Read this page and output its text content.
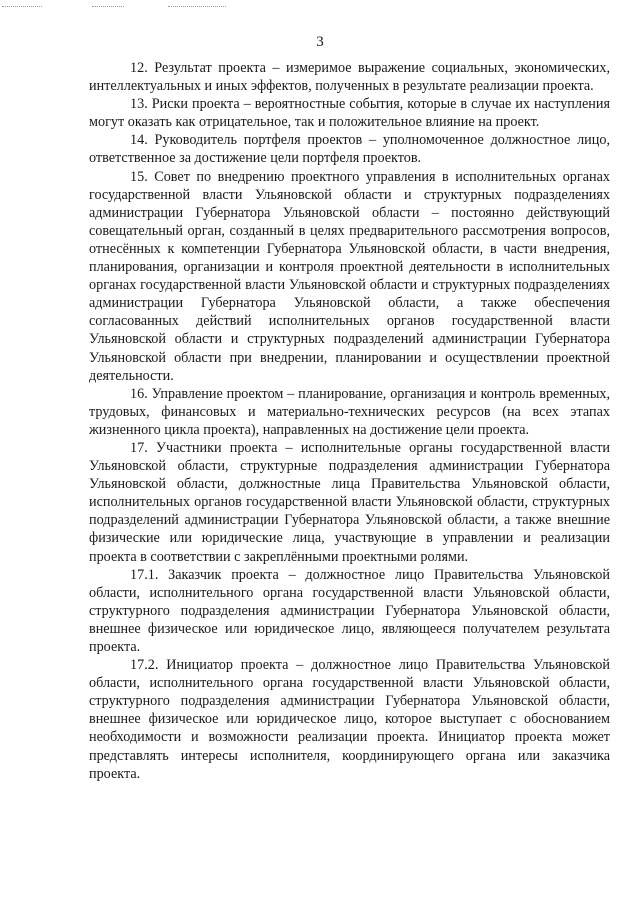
3

12. Результат проекта – измеримое выражение социальных, экономических, интеллектуальных и иных эффектов, полученных в результате реализации проекта.

13. Риски проекта – вероятностные события, которые в случае их наступления могут оказать как отрицательное, так и положительное влияние на проект.

14. Руководитель портфеля проектов – уполномоченное должностное лицо, ответственное за достижение цели портфеля проектов.

15. Совет по внедрению проектного управления в исполнительных органах государственной власти Ульяновской области и структурных подразделениях администрации Губернатора Ульяновской области – постоянно действующий совещательный орган, созданный в целях предварительного рассмотрения вопросов, отнесённых к компетенции Губернатора Ульяновской области, в части внедрения, планирования, организации и контроля проектной деятельности в исполнительных органах государственной власти Ульяновской области и структурных подразделениях администрации Губернатора Ульяновской области, а также обеспечения согласованных действий исполнительных органов государственной власти Ульяновской области и структурных подразделений администрации Губернатора Ульяновской области при внедрении, планировании и осуществлении проектной деятельности.

16. Управление проектом – планирование, организация и контроль временных, трудовых, финансовых и материально-технических ресурсов (на всех этапах жизненного цикла проекта), направленных на достижение цели проекта.

17. Участники проекта – исполнительные органы государственной власти Ульяновской области, структурные подразделения администрации Губернатора Ульяновской области, должностные лица Правительства Ульяновской области, исполнительных органов государственной власти Ульяновской области, структурных подразделений администрации Губернатора Ульяновской области, а также внешние физические или юридические лица, участвующие в управлении и реализации проекта в соответствии с закреплёнными проектными ролями.

17.1. Заказчик проекта – должностное лицо Правительства Ульяновской области, исполнительного органа государственной власти Ульяновской области, структурного подразделения администрации Губернатора Ульяновской области, внешнее физическое или юридическое лицо, являющееся получателем результата проекта.

17.2. Инициатор проекта – должностное лицо Правительства Ульяновской области, исполнительного органа государственной власти Ульяновской области, структурного подразделения администрации Губернатора Ульяновской области, внешнее физическое или юридическое лицо, которое выступает с обоснованием необходимости и возможности реализации проекта. Инициатор проекта может представлять интересы исполнителя, координирующего органа или заказчика проекта.
